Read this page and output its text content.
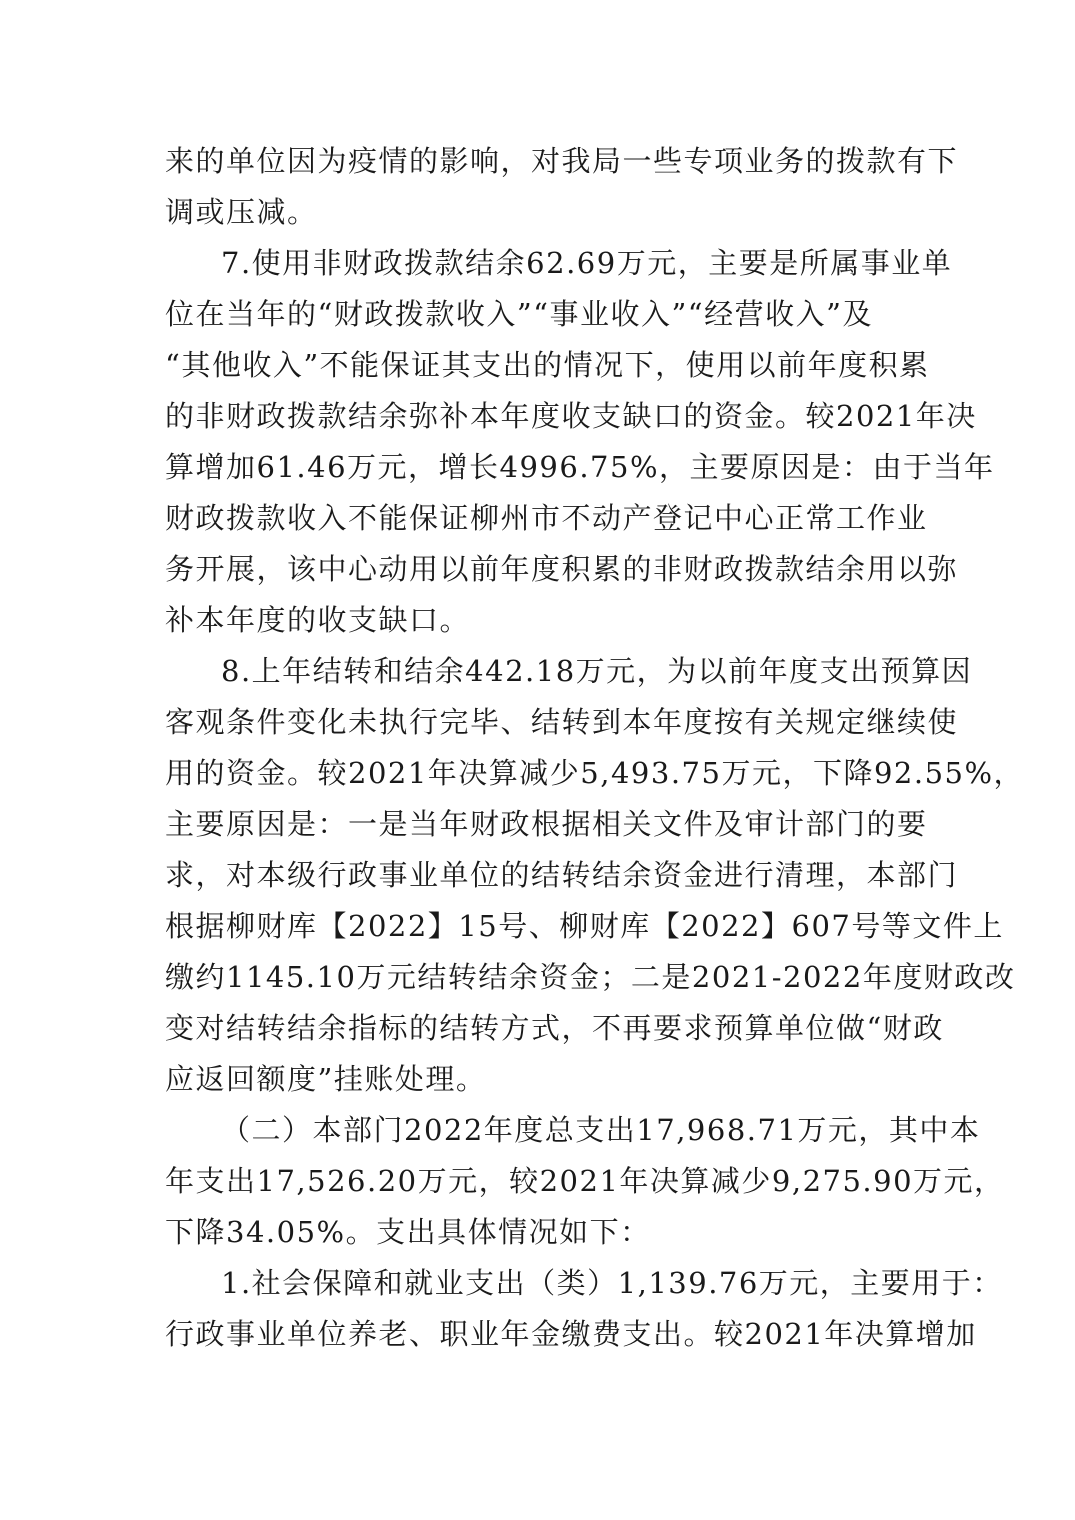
来的单位因为疫情的影响，对我局一些专项业务的拨款有下
调或压减。
7.使用非财政拨款结余62.69万元，主要是所属事业单
位在当年的“财政拨款收入”“事业收入”“经营收入”及
“其他收入”不能保证其支出的情况下，使用以前年度积累
的非财政拨款结余弥补本年度收支缺口的资金。较2021年决
算增加61.46万元，增长4996.75%，主要原因是：由于当年
财政拨款收入不能保证柳州市不动产登记中心正常工作业
务开展，该中心动用以前年度积累的非财政拨款结余用以弥
补本年度的收支缺口。
8.上年结转和结余442.18万元，为以前年度支出预算因
客观条件变化未执行完毕、结转到本年度按有关规定继续使
用的资金。较2021年决算减少5,493.75万元，下降92.55%，
主要原因是：一是当年财政根据相关文件及审计部门的要
求，对本级行政事业单位的结转结余资金进行清理，本部门
根据柳财库【2022】15号、柳财库【2022】607号等文件上
缴约1145.10万元结转结余资金；二是2021-2022年度财政改
变对结转结余指标的结转方式，不再要求预算单位做“财政
应返回额度”挂账处理。
（二）本部门2022年度总支出17,968.71万元，其中本
年支出17,526.20万元，较2021年决算减少9,275.90万元，
下降34.05%。支出具体情况如下：
1.社会保障和就业支出（类）1,139.76万元，主要用于：
行政事业单位养老、职业年金缴费支出。较2021年决算增加
